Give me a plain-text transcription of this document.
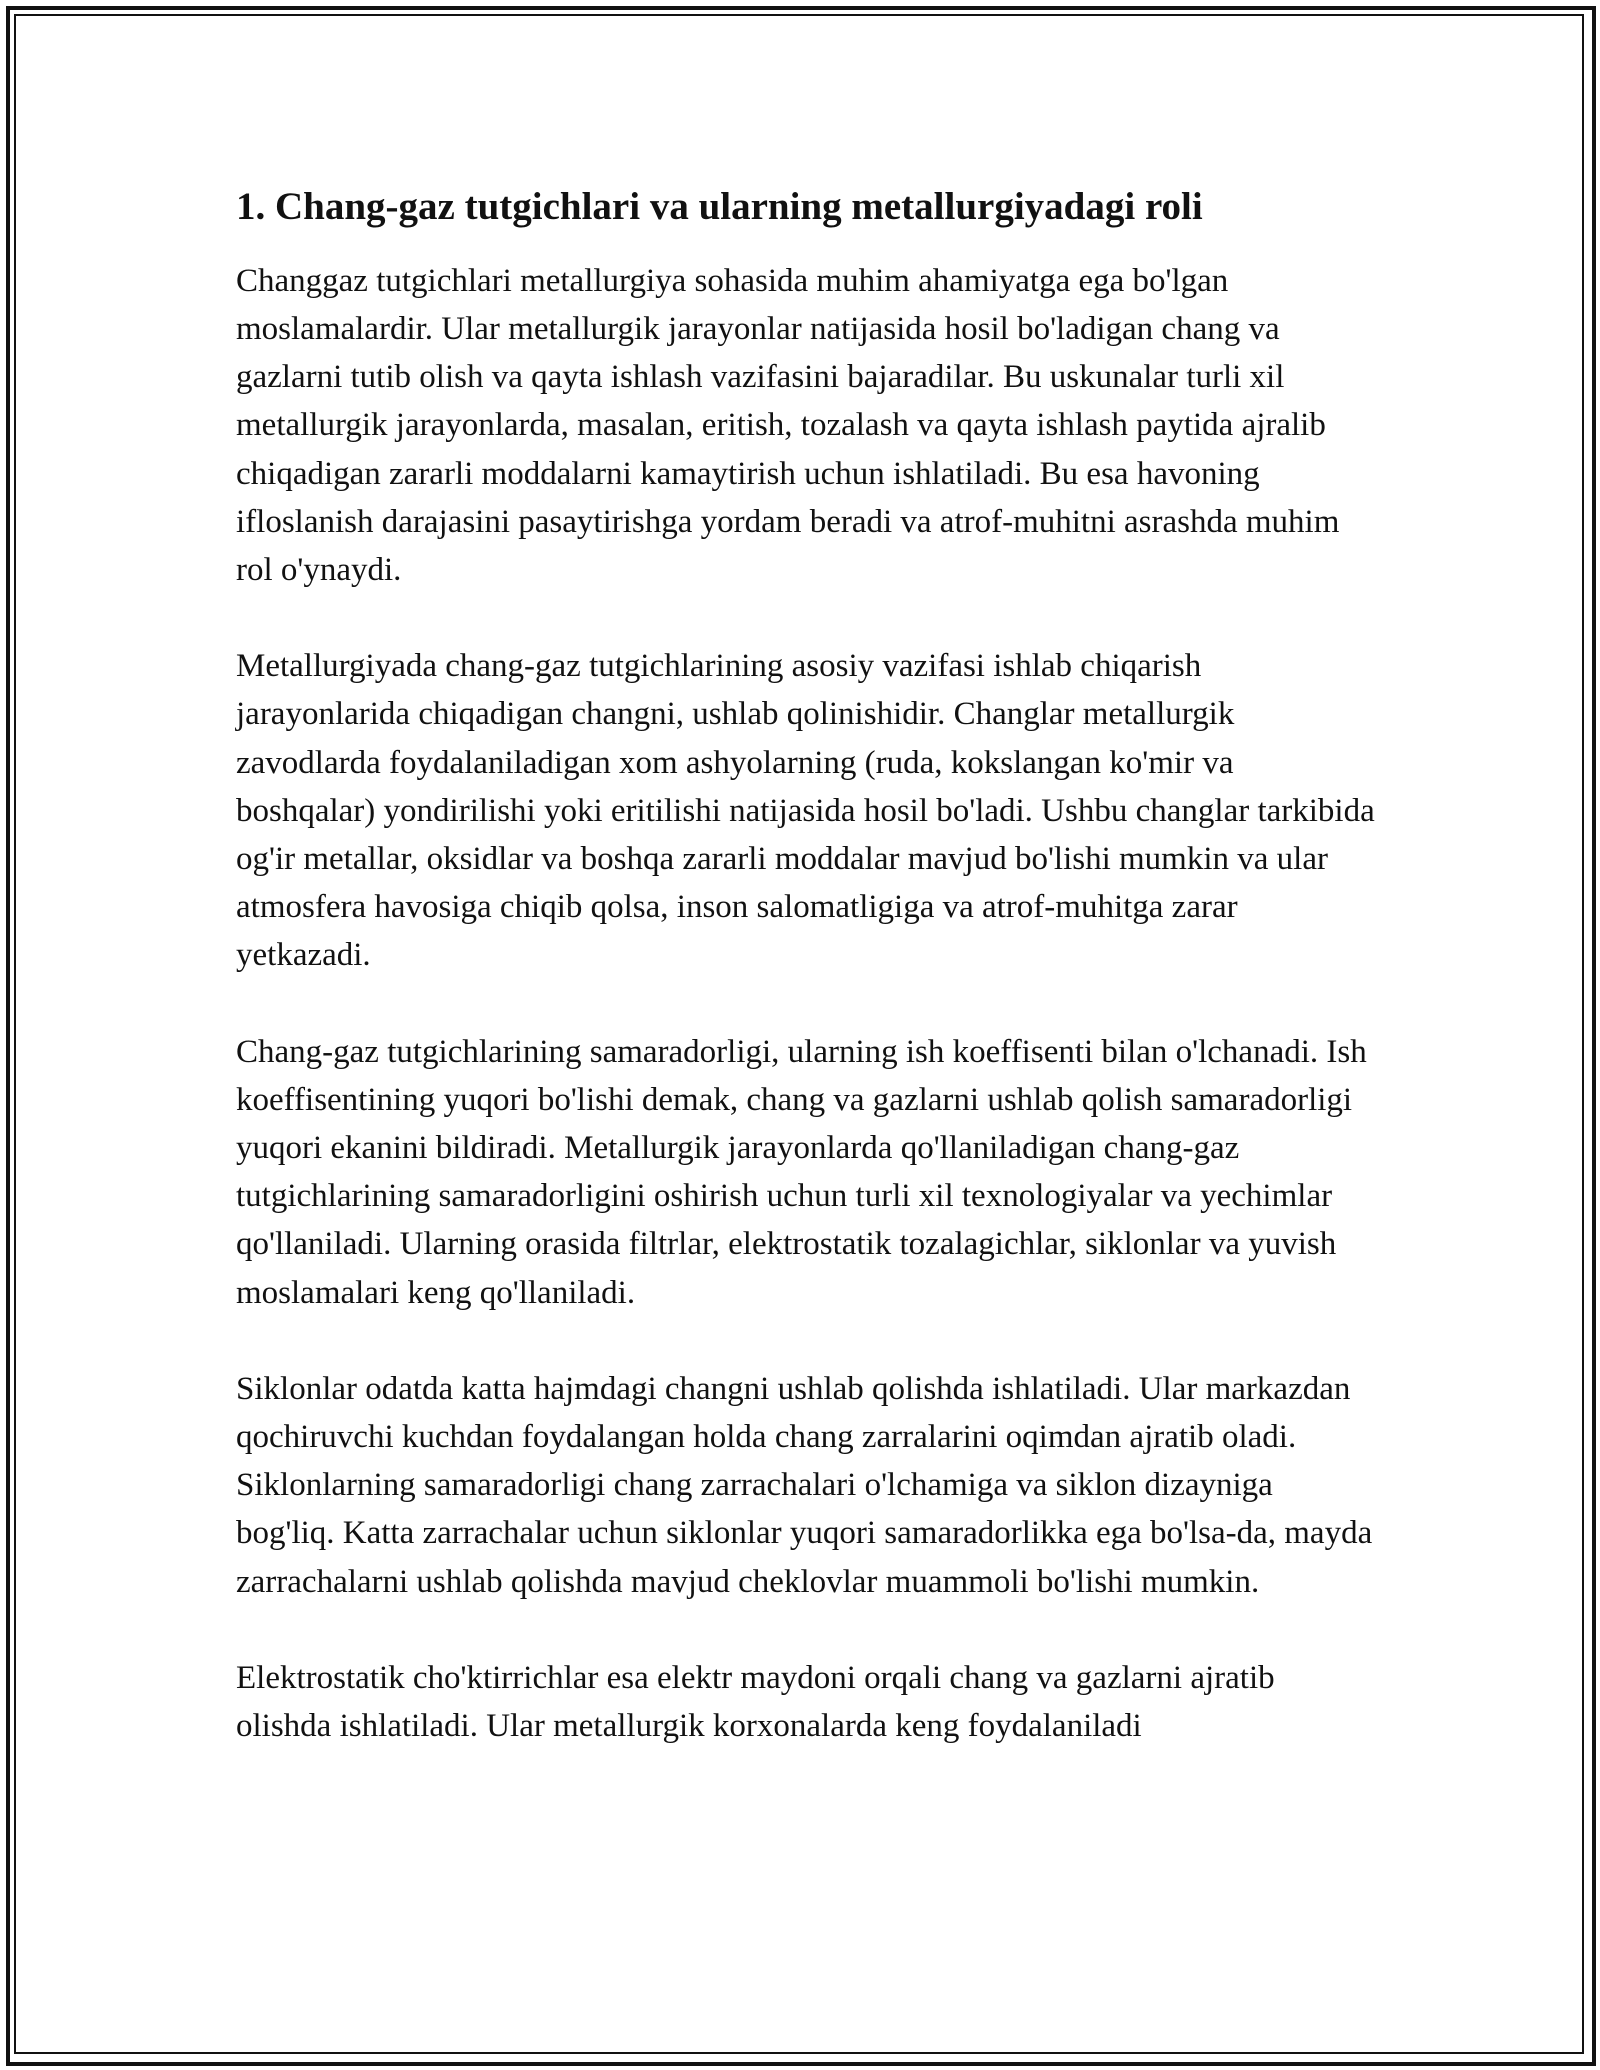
1. Chang-gaz tutgichlari va ularning metallurgiyadagi roli

Changgaz tutgichlari metallurgiya sohasida muhim ahamiyatga ega bo'lgan moslamalardir. Ular metallurgik jarayonlar natijasida hosil bo'ladigan chang va gazlarni tutib olish va qayta ishlash vazifasini bajaradilar. Bu uskunalar turli xil metallurgik jarayonlarda, masalan, eritish, tozalash va qayta ishlash paytida ajralib chiqadigan zararli moddalarni kamaytirish uchun ishlatiladi. Bu esa havoning ifloslanish darajasini pasaytirishga yordam beradi va atrof-muhitni asrashda muhim rol o'ynaydi.

Metallurgiyada chang-gaz tutgichlarining asosiy vazifasi ishlab chiqarish jarayonlarida chiqadigan changni, ushlab qolinishidir. Changlar metallurgik zavodlarda foydalaniladigan xom ashyolarning (ruda, kokslangan ko'mir va boshqalar) yondirilishi yoki eritilishi natijasida hosil bo'ladi. Ushbu changlar tarkibida og'ir metallar, oksidlar va boshqa zararli moddalar mavjud bo'lishi mumkin va ular atmosfera havosiga chiqib qolsa, inson salomatligiga va atrof-muhitga zarar yetkazadi.

Chang-gaz tutgichlarining samaradorligi, ularning ish koeffisenti bilan o'lchanadi. Ish koeffisentining yuqori bo'lishi demak, chang va gazlarni ushlab qolish samaradorligi yuqori ekanini bildiradi. Metallurgik jarayonlarda qo'llaniladigan chang-gaz tutgichlarining samaradorligini oshirish uchun turli xil texnologiyalar va yechimlar qo'llaniladi. Ularning orasida filtrlar, elektrostatik tozalagichlar, siklonlar va yuvish moslamalari keng qo'llaniladi.

Siklonlar odatda katta hajmdagi changni ushlab qolishda ishlatiladi. Ular markazdan qochiruvchi kuchdan foydalangan holda chang zarralarini oqimdan ajratib oladi. Siklonlarning samaradorligi chang zarrachalari o'lchamiga va siklon dizayniga bog'liq. Katta zarrachalar uchun siklonlar yuqori samaradorlikka ega bo'lsa-da, mayda zarrachalarni ushlab qolishda mavjud cheklovlar muammoli bo'lishi mumkin.

Elektrostatik cho'ktirrichlar esa elektr maydoni orqali chang va gazlarni ajratib olishda ishlatiladi. Ular metallurgik korxonalarda keng foydalaniladi
